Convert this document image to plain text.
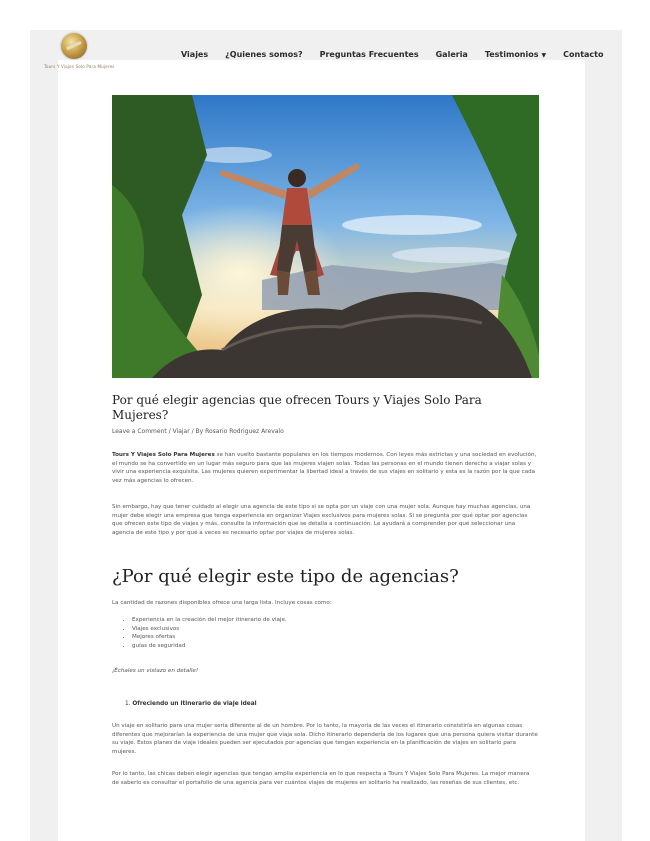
Tours Y Viajes Solo Para Mujeres
Viajes ¿Quienes somos? Preguntas Frecuentes Galeria Testimonios ▼ Contacto
Por qué elegir agencias que ofrecen Tours y Viajes Solo Para Mujeres?
Leave a Comment / Viajar / By Rosario Rodriguez Arevalo
Tours Y Viajes Solo Para Mujeres se han vuelto bastante populares en los tiempos modernos. Con leyes más estrictas y una sociedad en evolución, el mundo se ha convertido en un lugar más seguro para que las mujeres viajen solas. Todas las personas en el mundo tienen derecho a viajar solas y vivir una experiencia exquisita. Las mujeres quieren experimentar la libertad ideal a través de sus viajes en solitario y esta es la razón por la que cada vez más agencias lo ofrecen.
Sin embargo, hay que tener cuidado al elegir una agencia de este tipo si se opta por un viaje con una mujer sola. Aunque hay muchas agencias, una mujer debe elegir una empresa que tenga experiencia en organizar Viajes exclusivos para mujeres solas. Si se pregunta por qué optar por agencias que ofrecen este tipo de viajes y más, consulte la información que se detalla a continuación. Le ayudará a comprender por qué seleccionar una agencia de este tipo y por qué a veces es necesario optar por viajes de mujeres solas.
¿Por qué elegir este tipo de agencias?
La cantidad de razones disponibles ofrece una larga lista. Incluye cosas como:
• Experiencia en la creación del mejor itinerario de viaje.
• Viajes exclusivos
• Mejores ofertas
• guías de seguridad
¡Échales un vistazo en detalle!
1. Ofreciendo un itinerario de viaje ideal
Un viaje en solitario para una mujer sería diferente al de un hombre. Por lo tanto, la mayoría de las veces el itinerario consistiría en algunas cosas diferentes que mejorarían la experiencia de una mujer que viaja sola. Dicho itinerario dependería de los lugares que una persona quiera visitar durante su viaje. Estos planes de viaje ideales pueden ser ejecutados por agencias que tengan experiencia en la planificación de viajes en solitario para mujeres.
Por lo tanto, las chicas deben elegir agencias que tengan amplia experiencia en lo que respecta a Tours Y Viajes Solo Para Mujeres. La mejor manera de saberlo es consultar el portafolio de una agencia para ver cuántos viajes de mujeres en solitario ha realizado, las reseñas de sus clientes, etc.
